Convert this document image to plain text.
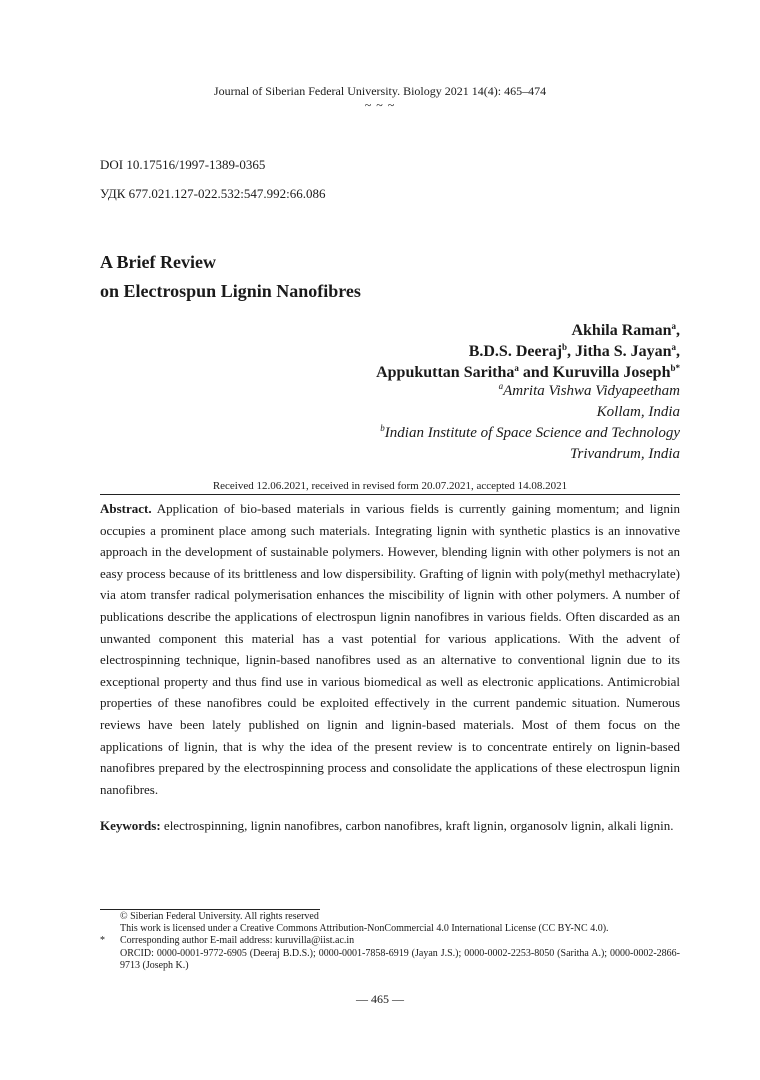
Journal of Siberian Federal University. Biology 2021 14(4): 465–474
~ ~ ~
DOI 10.17516/1997-1389-0365
УДК 677.021.127-022.532:547.992:66.086
A Brief Review
on Electrospun Lignin Nanofibres
Akhila Raman$^a$,
B.D.S. Deeraj$^b$, Jitha S. Jayan$^a$,
Appukuttan Saritha$^a$ and Kuruvilla Joseph$^{b*}$
$^a$Amrita Vishwa Vidyapeetham
Kollam, India
$^b$Indian Institute of Space Science and Technology
Trivandrum, India
Received 12.06.2021, received in revised form 20.07.2021, accepted 14.08.2021
Abstract. Application of bio-based materials in various fields is currently gaining momentum; and lignin occupies a prominent place among such materials. Integrating lignin with synthetic plastics is an innovative approach in the development of sustainable polymers. However, blending lignin with other polymers is not an easy process because of its brittleness and low dispersibility. Grafting of lignin with poly(methyl methacrylate) via atom transfer radical polymerisation enhances the miscibility of lignin with other polymers. A number of publications describe the applications of electrospun lignin nanofibres in various fields. Often discarded as an unwanted component this material has a vast potential for various applications. With the advent of electrospinning technique, lignin-based nanofibres used as an alternative to conventional lignin due to its exceptional property and thus find use in various biomedical as well as electronic applications. Antimicrobial properties of these nanofibres could be exploited effectively in the current pandemic situation. Numerous reviews have been lately published on lignin and lignin-based materials. Most of them focus on the applications of lignin, that is why the idea of the present review is to concentrate entirely on lignin-based nanofibres prepared by the electrospinning process and consolidate the applications of these electrospun lignin nanofibres.
Keywords: electrospinning, lignin nanofibres, carbon nanofibres, kraft lignin, organosolv lignin, alkali lignin.
© Siberian Federal University. All rights reserved
This work is licensed under a Creative Commons Attribution-NonCommercial 4.0 International License (CC BY-NC 4.0).
* Corresponding author E-mail address: kuruvilla@iist.ac.in
ORCID: 0000-0001-9772-6905 (Deeraj B.D.S.); 0000-0001-7858-6919 (Jayan J.S.); 0000-0002-2253-8050 (Saritha A.); 0000-0002-2866-9713 (Joseph K.)
— 465 —
